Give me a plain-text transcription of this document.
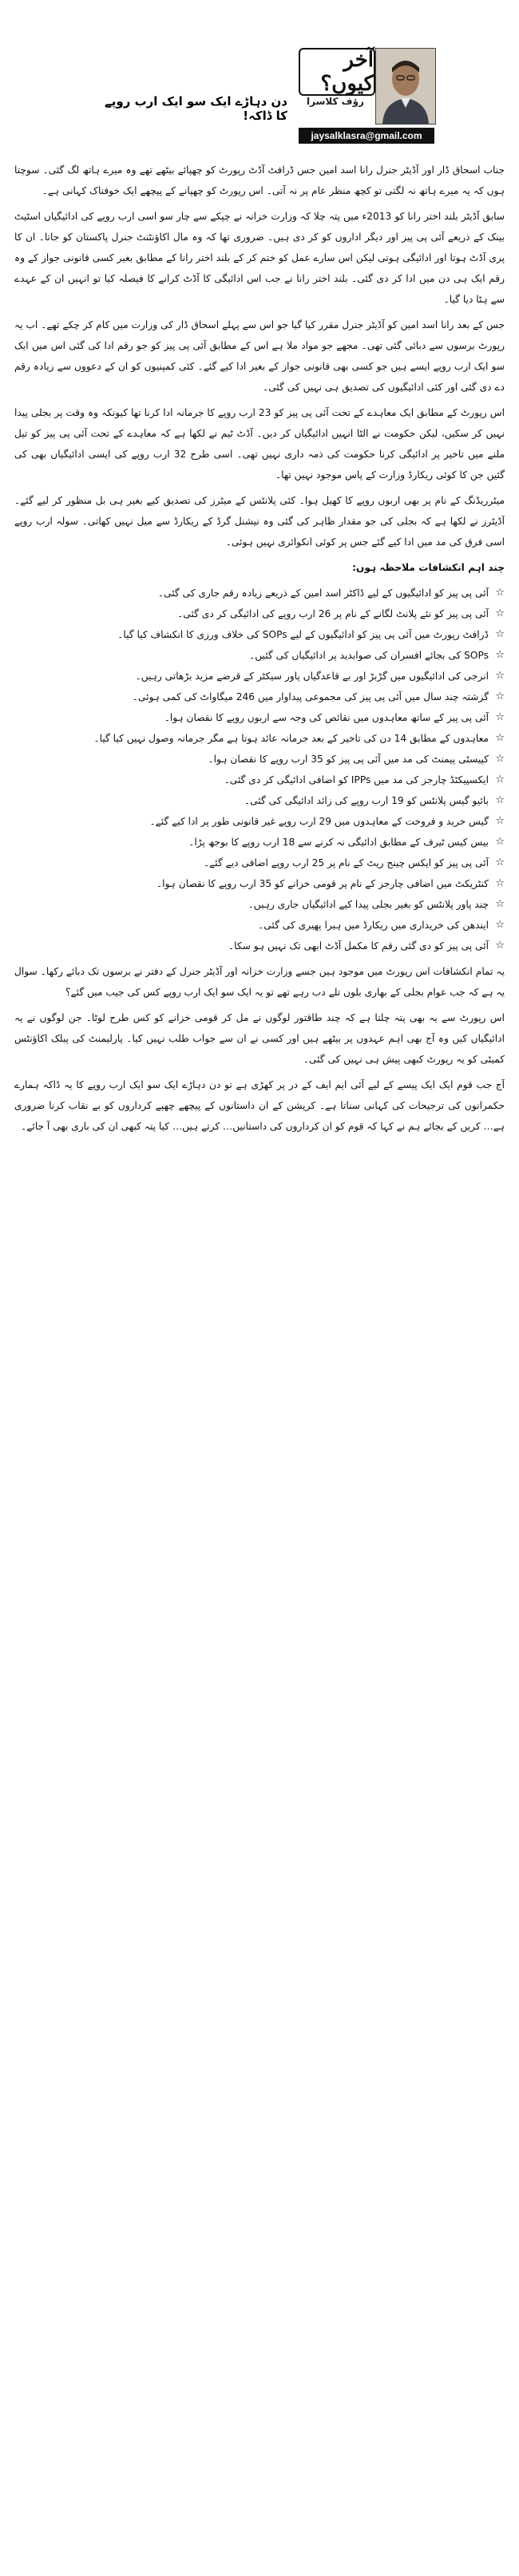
آخر کیوں؟
رؤف کلاسرا
jaysalklasra@gmail.com
دن دہاڑے ایک سو ایک ارب روپے کا ڈاکہ!

جناب اسحاق ڈار اور آڈیٹر جنرل رانا اسد امین جس ڈرافٹ آڈٹ رپورٹ کو چھپائے بیٹھے تھے وہ میرے ہاتھ لگ گئی۔ سوچتا ہوں کہ یہ میرے ہاتھ نہ لگتی تو کچھ منظر عام پر نہ آتی۔ اس رپورٹ کو چھپانے کے پیچھے ایک خوفناک کہانی ہے۔

سابق آڈیٹر بلند اختر رانا کو 2013ء میں پتہ چلا کہ وزارت خزانہ نے چپکے سے چار سو اسی ارب روپے کی ادائیگیاں اسٹیٹ بینک کے ذریعے آئی پی پیز اور دیگر اداروں کو کر دی ہیں۔ ضروری تھا کہ وہ مال اکاؤنٹنٹ جنرل پاکستان کو جاتا۔ ان کا پری آڈٹ ہوتا اور ادائیگی ہوتی لیکن اس سارے عمل کو ختم کر کے بلند اختر رانا کے مطابق بغیر کسی قانونی جواز کے وہ رقم ایک ہی دن میں ادا کر دی گئی۔ بلند اختر رانا نے جب اس ادائیگی کا آڈٹ کرانے کا فیصلہ کیا تو انہیں ان کے عہدے سے ہٹا دیا گیا۔

جس کے بعد رانا اسد امین کو آڈیٹر جنرل مقرر کیا گیا جو اس سے پہلے اسحاق ڈار کی وزارت میں کام کر چکے تھے۔ اب یہ رپورٹ برسوں سے دبائی گئی تھی۔ مجھے جو مواد ملا ہے اس کے مطابق آئی پی پیز کو جو رقم ادا کی گئی اس میں ایک سو ایک ارب روپے ایسے ہیں جو کسی بھی قانونی جواز کے بغیر ادا کیے گئے۔ کئی کمپنیوں کو ان کے دعووں سے زیادہ رقم دے دی گئی اور کئی ادائیگیوں کی تصدیق ہی نہیں کی گئی۔

اس رپورٹ کے مطابق ایک معاہدے کے تحت آئی پی پیز کو 23 ارب روپے کا جرمانہ ادا کرنا تھا کیونکہ وہ وقت پر بجلی پیدا نہیں کر سکیں، لیکن حکومت نے الٹا انہیں ادائیگیاں کر دیں۔ آڈٹ ٹیم نے لکھا ہے کہ معاہدے کے تحت آئی پی پیز کو تیل ملنے میں تاخیر پر ادائیگی کرنا حکومت کی ذمہ داری نہیں تھی۔ اسی طرح 32 ارب روپے کی ایسی ادائیگیاں بھی کی گئیں جن کا کوئی ریکارڈ وزارت کے پاس موجود نہیں تھا۔

میٹرریڈنگ کے نام پر بھی اربوں روپے کا کھیل ہوا۔ کئی پلانٹس کے میٹرز کی تصدیق کیے بغیر ہی بل منظور کر لیے گئے۔ آڈیٹرز نے لکھا ہے کہ بجلی کی جو مقدار ظاہر کی گئی وہ نیشنل گرڈ کے ریکارڈ سے میل نہیں کھاتی۔ سولہ ارب روپے اسی فرق کی مد میں ادا کیے گئے جس پر کوئی انکوائری نہیں ہوئی۔

چند اہم انکشافات ملاحظہ ہوں:
☆
آئی پی پیز کو ادائیگیوں کے لیے ڈاکٹر اسد امین کے ذریعے زیادہ رقم جاری کی گئی۔
☆
آئی پی پیز کو نئے پلانٹ لگانے کے نام پر 26 ارب روپے کی ادائیگی کر دی گئی۔
☆
ڈرافٹ رپورٹ میں آئی پی پیز کو ادائیگیوں کے لیے SOPs کی خلاف ورزی کا انکشاف کیا گیا۔
☆
SOPs کی بجائے افسران کی صوابدید پر ادائیگیاں کی گئیں۔
☆
انرجی کی ادائیگیوں میں گڑبڑ اور بے قاعدگیاں پاور سیکٹر کے قرضے مزید بڑھاتی رہیں۔
☆
گزشتہ چند سال میں آئی پی پیز کی مجموعی پیداوار میں 246 میگاواٹ کی کمی ہوئی۔
☆
آئی پی پیز کے ساتھ معاہدوں میں نقائص کی وجہ سے اربوں روپے کا نقصان ہوا۔
☆
معاہدوں کے مطابق 14 دن کی تاخیر کے بعد جرمانہ عائد ہوتا ہے مگر جرمانہ وصول نہیں کیا گیا۔
☆
کپیسٹی پیمنٹ کی مد میں آئی پی پیز کو 35 ارب روپے کا نقصان ہوا۔
☆
ایکسپیکٹڈ چارجز کی مد میں IPPs کو اضافی ادائیگی کر دی گئی۔
☆
بائیو گیس پلانٹس کو 19 ارب روپے کی زائد ادائیگی کی گئی۔
☆
گیس خرید و فروخت کے معاہدوں میں 29 ارب روپے غیر قانونی طور پر ادا کیے گئے۔
☆
بیس کیس ٹیرف کے مطابق ادائیگی نہ کرنے سے 18 ارب روپے کا بوجھ پڑا۔
☆
آئی پی پیز کو ایکس چینج ریٹ کے نام پر 25 ارب روپے اضافی دیے گئے۔
☆
کنٹریکٹ میں اضافی چارجز کے نام پر قومی خزانے کو 35 ارب روپے کا نقصان ہوا۔
☆
چند پاور پلانٹس کو بغیر بجلی پیدا کیے ادائیگیاں جاری رہیں۔
☆
ایندھن کی خریداری میں ریکارڈ میں ہیرا پھیری کی گئی۔
☆
آئی پی پیز کو دی گئی رقم کا مکمل آڈٹ ابھی تک نہیں ہو سکا۔

یہ تمام انکشافات اس رپورٹ میں موجود ہیں جسے وزارت خزانہ اور آڈیٹر جنرل کے دفتر نے برسوں تک دبائے رکھا۔ سوال یہ ہے کہ جب عوام بجلی کے بھاری بلوں تلے دب رہے تھے تو یہ ایک سو ایک ارب روپے کس کی جیب میں گئے؟

اس رپورٹ سے یہ بھی پتہ چلتا ہے کہ چند طاقتور لوگوں نے مل کر قومی خزانے کو کس طرح لوٹا۔ جن لوگوں نے یہ ادائیگیاں کیں وہ آج بھی اہم عہدوں پر بیٹھے ہیں اور کسی نے ان سے جواب طلب نہیں کیا۔ پارلیمنٹ کی پبلک اکاؤنٹس کمیٹی کو یہ رپورٹ کبھی پیش ہی نہیں کی گئی۔

آج جب قوم ایک ایک پیسے کے لیے آئی ایم ایف کے در پر کھڑی ہے تو دن دہاڑے ایک سو ایک ارب روپے کا یہ ڈاکہ ہمارے حکمرانوں کی ترجیحات کی کہانی سناتا ہے۔ کرپشن کے ان داستانوں کے پیچھے چھپے کرداروں کو بے نقاب کرنا ضروری ہے… کریں کے بجائے ہم نے کہا کہ قوم کو ان کرداروں کی داستانیں… کرتے ہیں… کیا پتہ کبھی ان کی باری بھی آ جائے۔
